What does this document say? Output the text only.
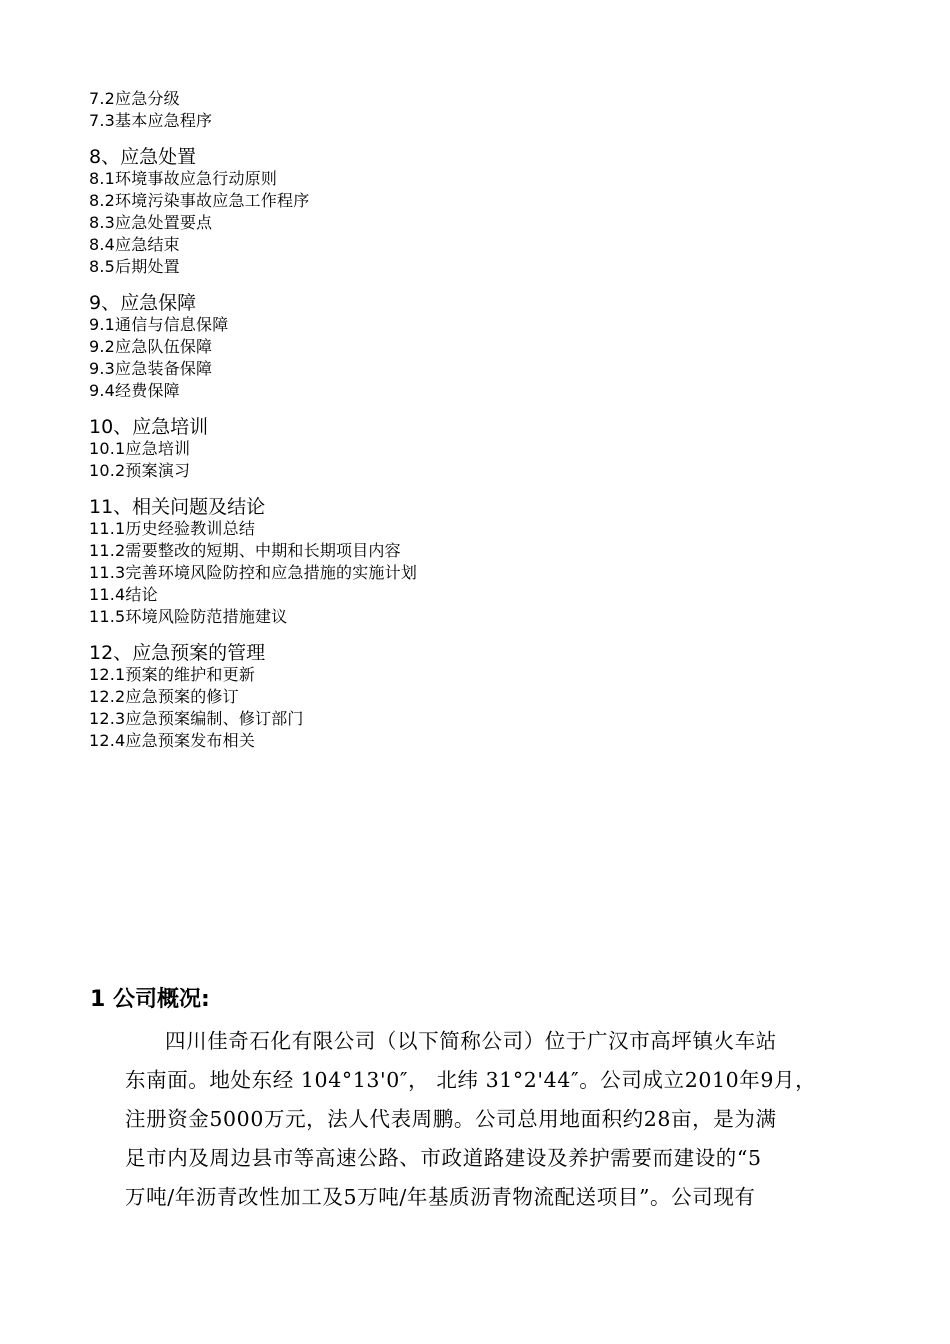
7.2应急分级
7.3基本应急程序
8、应急处置
8.1环境事故应急行动原则
8.2环境污染事故应急工作程序
8.3应急处置要点
8.4应急结束
8.5后期处置
9、应急保障
9.1通信与信息保障
9.2应急队伍保障
9.3应急装备保障
9.4经费保障
10、应急培训
10.1应急培训
10.2预案演习
11、相关问题及结论
11.1历史经验教训总结
11.2需要整改的短期、中期和长期项目内容
11.3完善环境风险防控和应急措施的实施计划
11.4结论
11.5环境风险防范措施建议
12、应急预案的管理
12.1预案的维护和更新
12.2应急预案的修订
12.3应急预案编制、修订部门
12.4应急预案发布相关
1 公司概况:
四川佳奇石化有限公司（以下简称公司）位于广汉市高坪镇火车站
东南面。地处东经 104°13'0″， 北纬 31°2'44″。公司成立2010年9月，
注册资金5000万元，法人代表周鹏。公司总用地面积约28亩，是为满
足市内及周边县市等高速公路、市政道路建设及养护需要而建设的“5
万吨/年沥青改性加工及5万吨/年基质沥青物流配送项目”。公司现有
